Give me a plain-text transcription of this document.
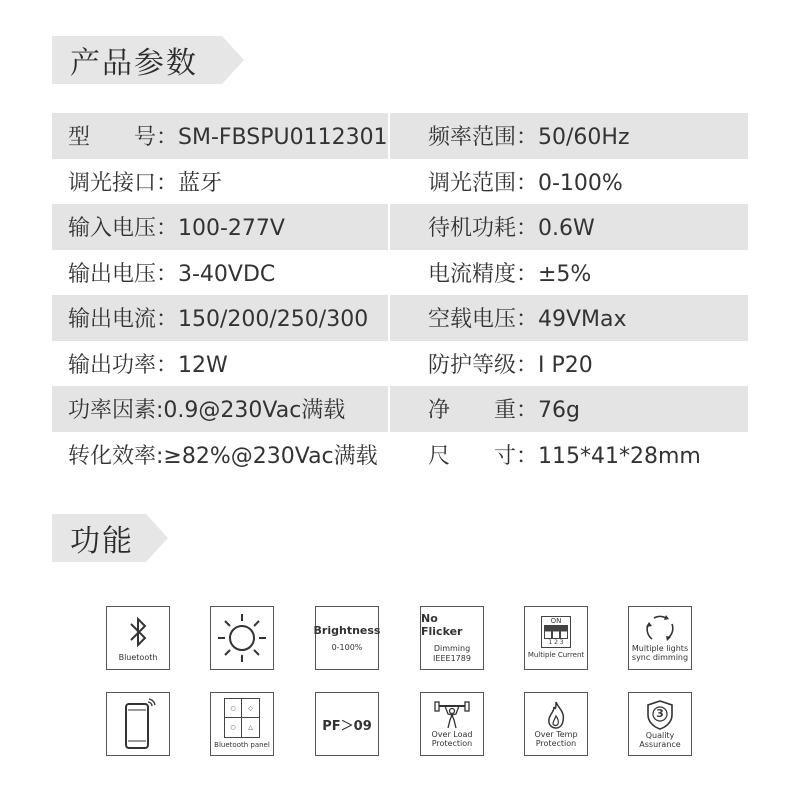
产品参数
型　　号：SM-FBSPU0112301	频率范围：50/60Hz
调光接口：蓝牙	调光范围：0-100%
输入电压：100-277V	待机功耗：0.6W
输出电压：3-40VDC	电流精度：±5%
输出电流：150/200/250/300	空载电压：49VMax
输出功率：12W	防护等级：I P20
功率因素:0.9@230Vac满载	净　　重：76g
转化效率:≥82%@230Vac满载	尺　　寸：115*41*28mm
功能
Bluetooth
Brightness
0-100%
No Flicker
Dimming
IEEE1789
ON
1 2 3
Multiple Current
Multiple lights
sync dimming
○	◇
○	△
Bluetooth panel
PF＞09
Over Load
Protection
Over Temp
Protection
3
Quality
Assurance
